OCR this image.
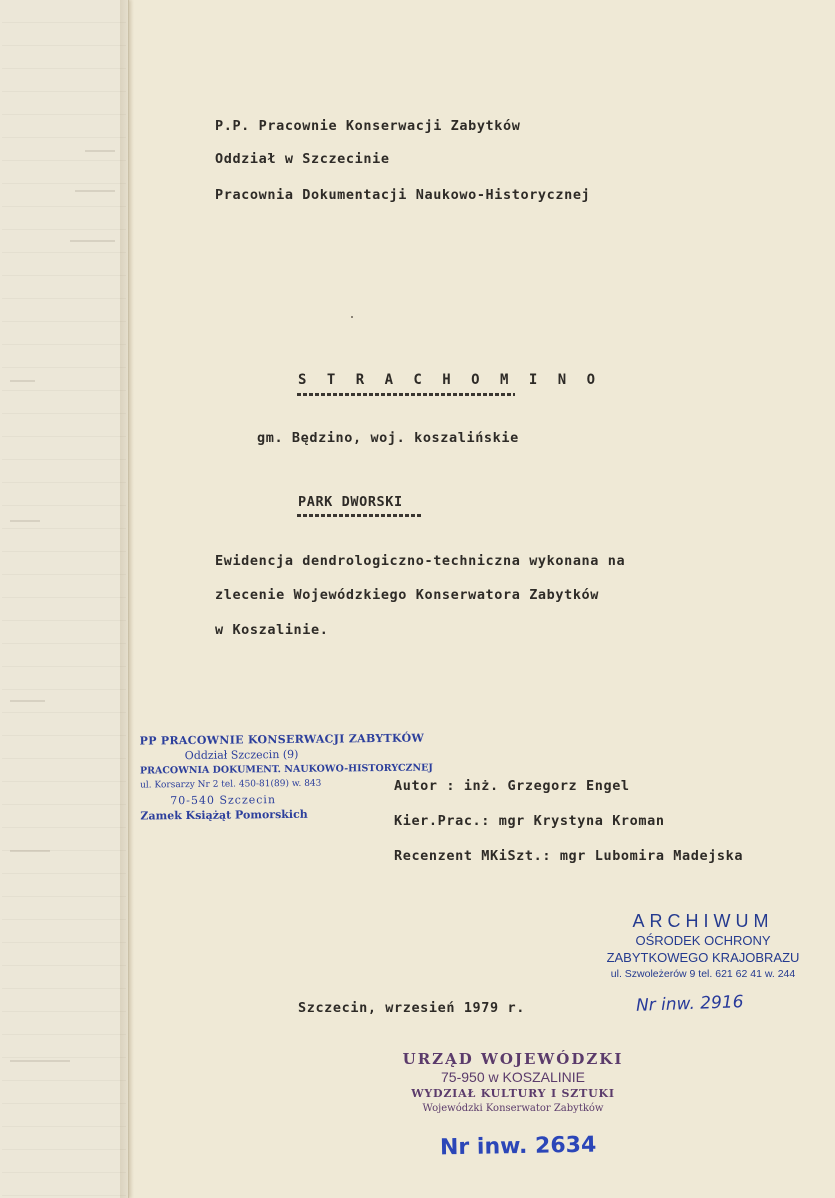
P.P. Pracownie Konserwacji Zabytków
Oddział w Szczecinie
Pracownia Dokumentacji Naukowo-Historycznej
S T R A C H O M I N O
gm. Będzino, woj. koszalińskie
PARK DWORSKI
Ewidencja dendrologiczno-techniczna wykonana na
zlecenie Wojewódzkiego Konserwatora Zabytków
w Koszalinie.
PP PRACOWNIE KONSERWACJI ZABYTKÓW
Oddział Szczecin (9)
PRACOWNIA DOKUMENT. NAUKOWO-HISTORYCZNEJ
ul. Korsarzy Nr 2 tel. 450-81(89) w. 843
70-540 Szczecin
Zamek Książąt Pomorskich
Autor : inż. Grzegorz Engel
Kier.Prac.: mgr Krystyna Kroman
Recenzent MKiSzt.: mgr Lubomira Madejska
ARCHIWUM
OŚRODEK OCHRONY
ZABYTKOWEGO KRAJOBRAZU
ul. Szwoleżerów 9 tel. 621 62 41 w. 244
Szczecin, wrzesień 1979 r.	Nr inw. 2916
URZĄD WOJEWÓDZKI
75-950 w KOSZALINIE
WYDZIAŁ KULTURY I SZTUKI
Wojewódzki Konserwator Zabytków
Nr inw. 2634
